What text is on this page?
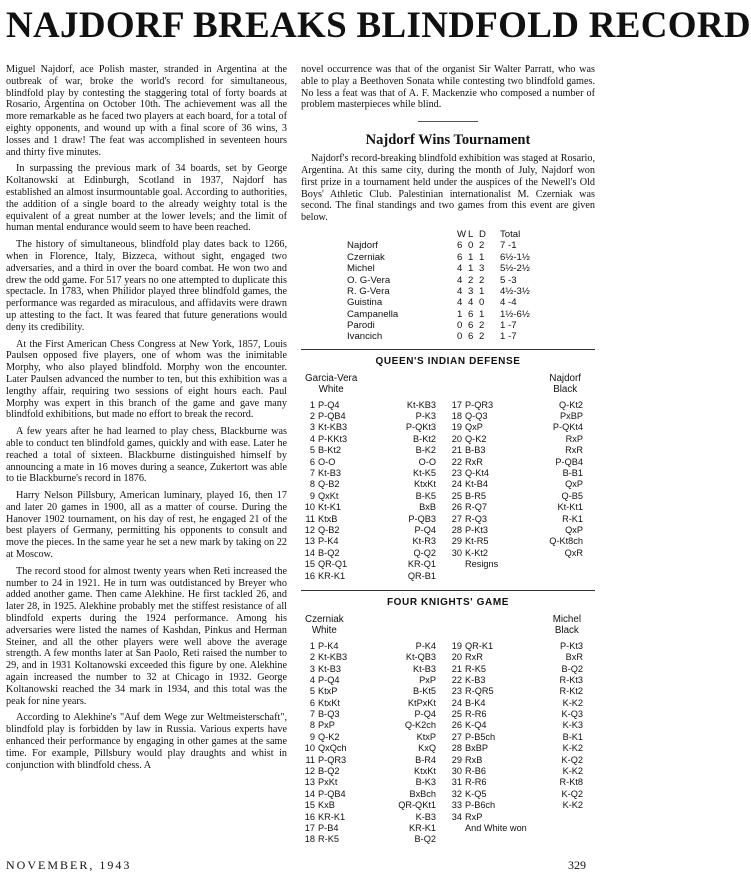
NAJDORF BREAKS BLINDFOLD RECORD

Miguel Najdorf, ace Polish master, stranded in Argentina at the outbreak of war, broke the world's record for simultaneous, blindfold play by contesting the staggering total of forty boards at Rosario, Argentina on October 10th. The achievement was all the more remarkable as he faced two players at each board, for a total of eighty opponents, and wound up with a final score of 36 wins, 3 losses and 1 draw! The feat was accomplished in seventeen hours and thirty five minutes.

In surpassing the previous mark of 34 boards, set by George Koltanowski at Edinburgh, Scotland in 1937, Najdorf has established an almost insurmountable goal. According to authorities, the addition of a single board to the already weighty total is the equivalent of a great number at the lower levels; and the limit of human mental endurance would seem to have been reached.

The history of simultaneous, blindfold play dates back to 1266, when in Florence, Italy, Bizzeca, without sight, engaged two adversaries, and a third in over the board combat. He won two and drew the odd game. For 517 years no one attempted to duplicate this spectacle. In 1783, when Philidor played three blindfold games, the performance was regarded as miraculous, and affidavits were drawn up attesting to the fact. It was feared that future generations would deny its credibility.

At the First American Chess Congress at New York, 1857, Louis Paulsen opposed five players, one of whom was the inimitable Morphy, who also played blindfold. Morphy won the encounter. Later Paulsen advanced the number to ten, but this exhibition was a lengthy affair, requiring two sessions of eight hours each. Paul Morphy was expert in this branch of the game and gave many blindfold exhibitions, but made no effort to break the record.

A few years after he had learned to play chess, Blackburne was able to conduct ten blindfold games, quickly and with ease. Later he reached a total of sixteen. Blackburne distinguished himself by announcing a mate in 16 moves during a seance, Zukertort was able to tie Blackburne's record in 1876.

Harry Nelson Pillsbury, American luminary, played 16, then 17 and later 20 games in 1900, all as a matter of course. During the Hanover 1902 tournament, on his day of rest, he engaged 21 of the best players of Germany, permitting his opponents to consult and move the pieces. In the same year he set a new mark by taking on 22 at Moscow.

The record stood for almost twenty years when Reti increased the number to 24 in 1921. He in turn was outdistanced by Breyer who added another game. Then came Alekhine. He first tackled 26, and later 28, in 1925. Alekhine probably met the stiffest resistance of all blindfold experts during the 1924 performance. Among his adversaries were listed the names of Kashdan, Pinkus and Herman Steiner, and all the other players were well above the average strength. A few months later at San Paolo, Reti raised the number to 29, and in 1931 Koltanowski exceeded this figure by one. Alekhine again increased the number to 32 at Chicago in 1932. George Koltanowski reached the 34 mark in 1934, and this total was the peak for nine years.

According to Alekhine's "Auf dem Wege zur Weltmeisterschaft", blindfold play is forbidden by law in Russia. Various experts have enhanced their performance by engaging in other games at the same time. For example, Pillsbury would play draughts and whist in conjunction with blindfold chess. A

novel occurrence was that of the organist Sir Walter Parratt, who was able to play a Beethoven Sonata while contesting two blindfold games. No less a feat was that of A. F. Mackenzie who composed a number of problem masterpieces while blind.

Najdorf Wins Tournament

Najdorf's record-breaking blindfold exhibition was staged at Rosario, Argentina. At this same city, during the month of July, Najdorf won first prize in a tournament held under the auspices of the Newell's Old Boys' Athletic Club. Palestinian internationalist M. Czerniak was second. The final standings and two games from this event are given below.

W L D	Total
Najdorf	6 0 2	7 -1
Czerniak	6 1 1	6½-1½
Michel	4 1 3	5½-2½
O. G-Vera	4 2 2	5 -3
R. G-Vera	4 3 1	4½-3½
Guistina	4 4 0	4 -4
Campanella	1 6 1	1½-6½
Parodi	0 6 2	1 -7
Ivancich	0 6 2	1 -7
QUEEN'S INDIAN DEFENSE
Garcia-Vera
White
Najdorf
Black
1 P-Q4	Kt-KB3
2 P-QB4	P-K3
3 Kt-KB3	P-QKt3
4 P-KKt3	B-Kt2
5 B-Kt2	B-K2
6 O-O	O-O
7 Kt-B3	Kt-K5
8 Q-B2	KtxKt
9 QxKt	B-K5
10 Kt-K1	BxB
11 KtxB	P-QB3
12 Q-B2	P-Q4
13 P-K4	Kt-R3
14 B-Q2	Q-Q2
15 QR-Q1	KR-Q1
16 KR-K1	QR-B1
17 P-QR3	Q-Kt2
18 Q-Q3	PxBP
19 QxP	P-QKt4
20 Q-K2	RxP
21 B-B3	RxR
22 RxR	P-QB4
23 Q-Kt4	B-B1
24 Kt-B4	QxP
25 B-R5	Q-B5
26 R-Q7	Kt-Kt1
27 R-Q3	R-K1
28 P-Kt3	QxP
29 Kt-R5	Q-Kt8ch
30 K-Kt2	QxR
Resigns
FOUR KNIGHTS' GAME
Czerniak
White
Michel
Black
1 P-K4	P-K4
2 Kt-KB3	Kt-QB3
3 Kt-B3	Kt-B3
4 P-Q4	PxP
5 KtxP	B-Kt5
6 KtxKt	KtPxKt
7 B-Q3	P-Q4
8 PxP	Q-K2ch
9 Q-K2	KtxP
10 QxQch	KxQ
11 P-QR3	B-R4
12 B-Q2	KtxKt
13 PxKt	B-K3
14 P-QB4	BxBch
15 KxB	QR-QKt1
16 KR-K1	K-B3
17 P-B4	KR-K1
18 R-K5	B-Q2
19 QR-K1	P-Kt3
20 RxR	BxR
21 R-K5	B-Q2
22 K-B3	R-Kt3
23 R-QR5	R-Kt2
24 B-K4	K-K2
25 R-R6	K-Q3
26 K-Q4	K-K3
27 P-B5ch	B-K1
28 BxBP	K-K2
29 RxB	K-Q2
30 R-B6	K-K2
31 R-R6	R-Kt8
32 K-Q5	K-Q2
33 P-B6ch	K-K2
34 RxP
And White won
NOVEMBER, 1943	329
